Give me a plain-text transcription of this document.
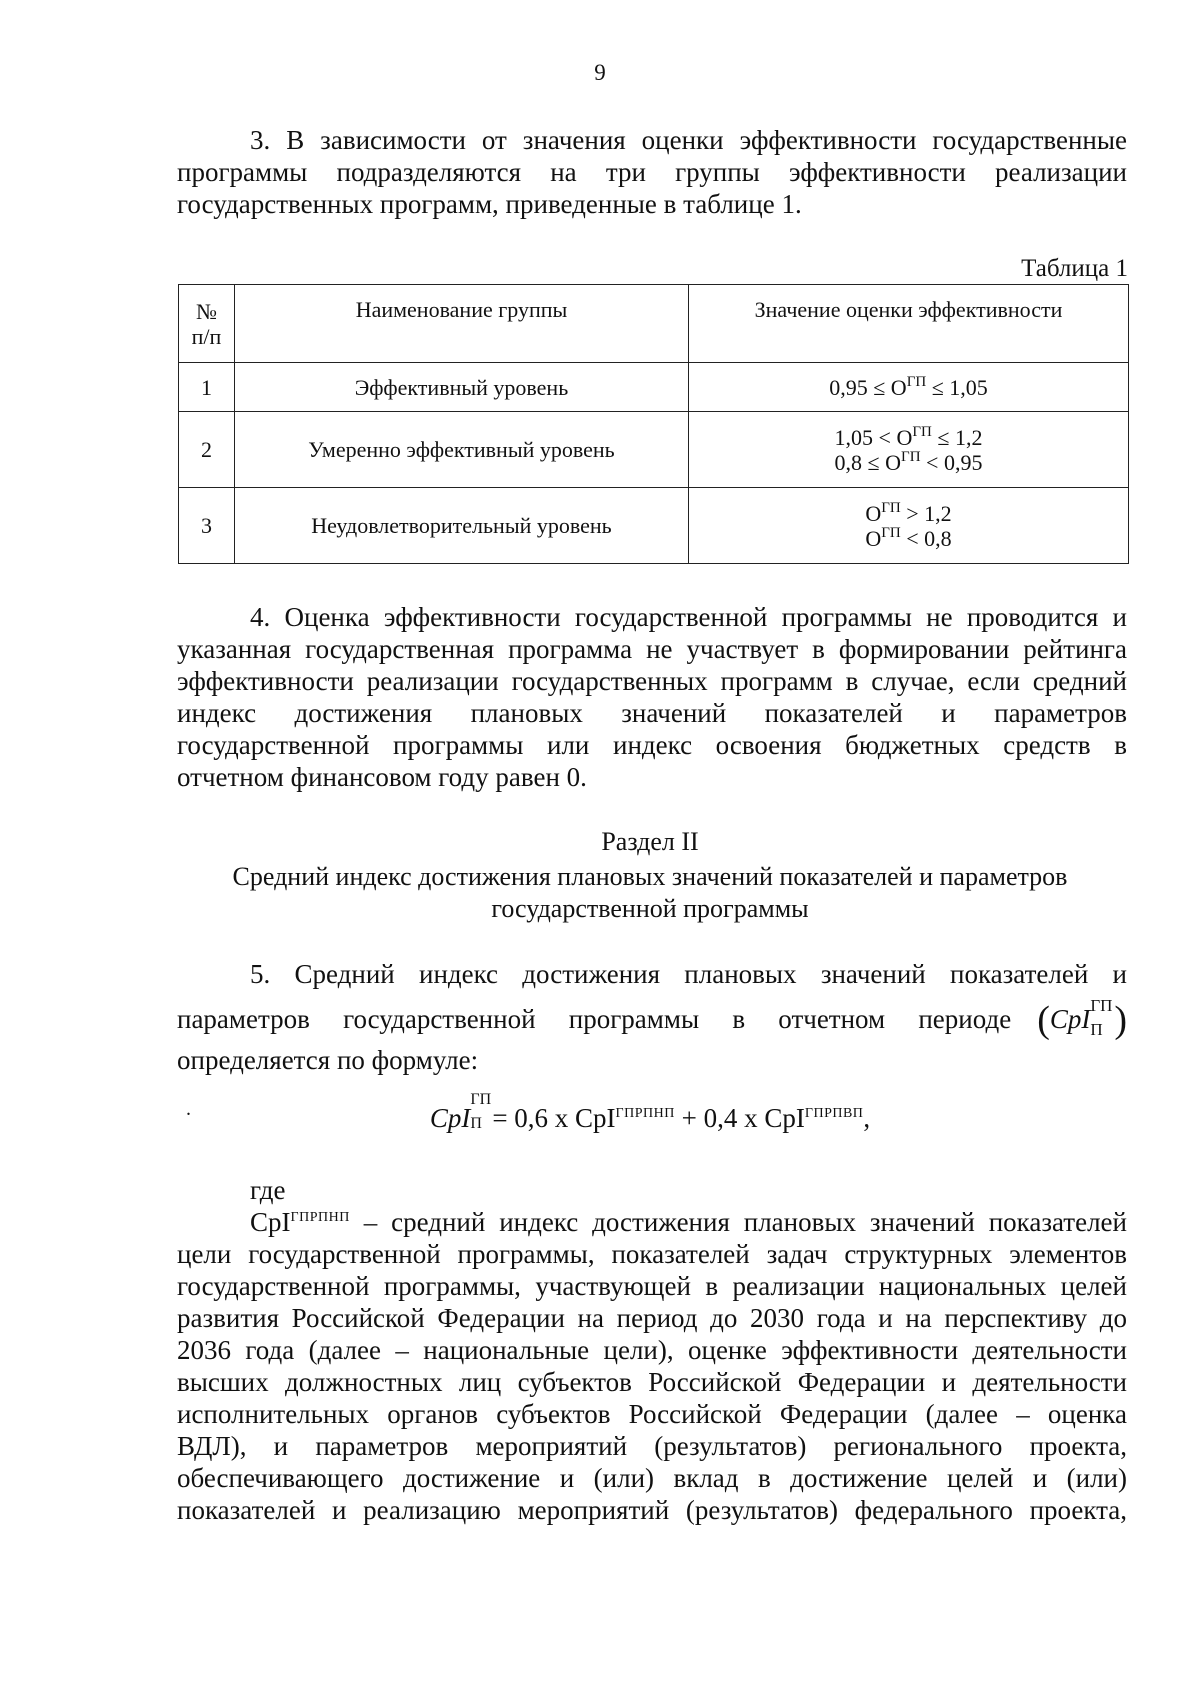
9
3. В зависимости от значения оценки эффективности государственные
программы подразделяются на три группы эффективности реализации
государственных программ, приведенные в таблице 1.
Таблица 1
№
п/п	Наименование группы	Значение оценки эффективности
1	Эффективный уровень	$0,95 \le О^{ГП} \le 1,05$
2	Умеренно эффективный уровень	$1,05 < О^{ГП} \le 1,2$
$0,8 \le О^{ГП} < 0,95$
3	Неудовлетворительный уровень	$О^{ГП} > 1,2$
$О^{ГП} < 0,8$
4. Оценка эффективности государственной программы не проводится и
указанная государственная программа не участвует в формировании рейтинга
эффективности реализации государственных программ в случае, если средний
индекс достижения плановых значений показателей и параметров
государственной программы или индекс освоения бюджетных средств в
отчетном финансовом году равен 0.
Раздел II
Средний индекс достижения плановых значений показателей и параметров
государственной программы
5. Средний индекс достижения плановых значений показателей и
параметров государственной программы в отчетном периоде (CpI ГП
П )
определяется по формуле:
.	CpI
ГП
П = 0,6 x CpI$^{ГПРПНП}$ + 0,4 x CpI$^{ГПРПВП}$,
где
CpI$^{ГПРПНП}$ – средний индекс достижения плановых значений показателей
цели государственной программы, показателей задач структурных элементов
государственной программы, участвующей в реализации национальных целей
развития Российской Федерации на период до 2030 года и на перспективу до
2036 года (далее – национальные цели), оценке эффективности деятельности
высших должностных лиц субъектов Российской Федерации и деятельности
исполнительных органов субъектов Российской Федерации (далее – оценка
ВДЛ), и параметров мероприятий (результатов) регионального проекта,
обеспечивающего достижение и (или) вклад в достижение целей и (или)
показателей и реализацию мероприятий (результатов) федерального проекта,
